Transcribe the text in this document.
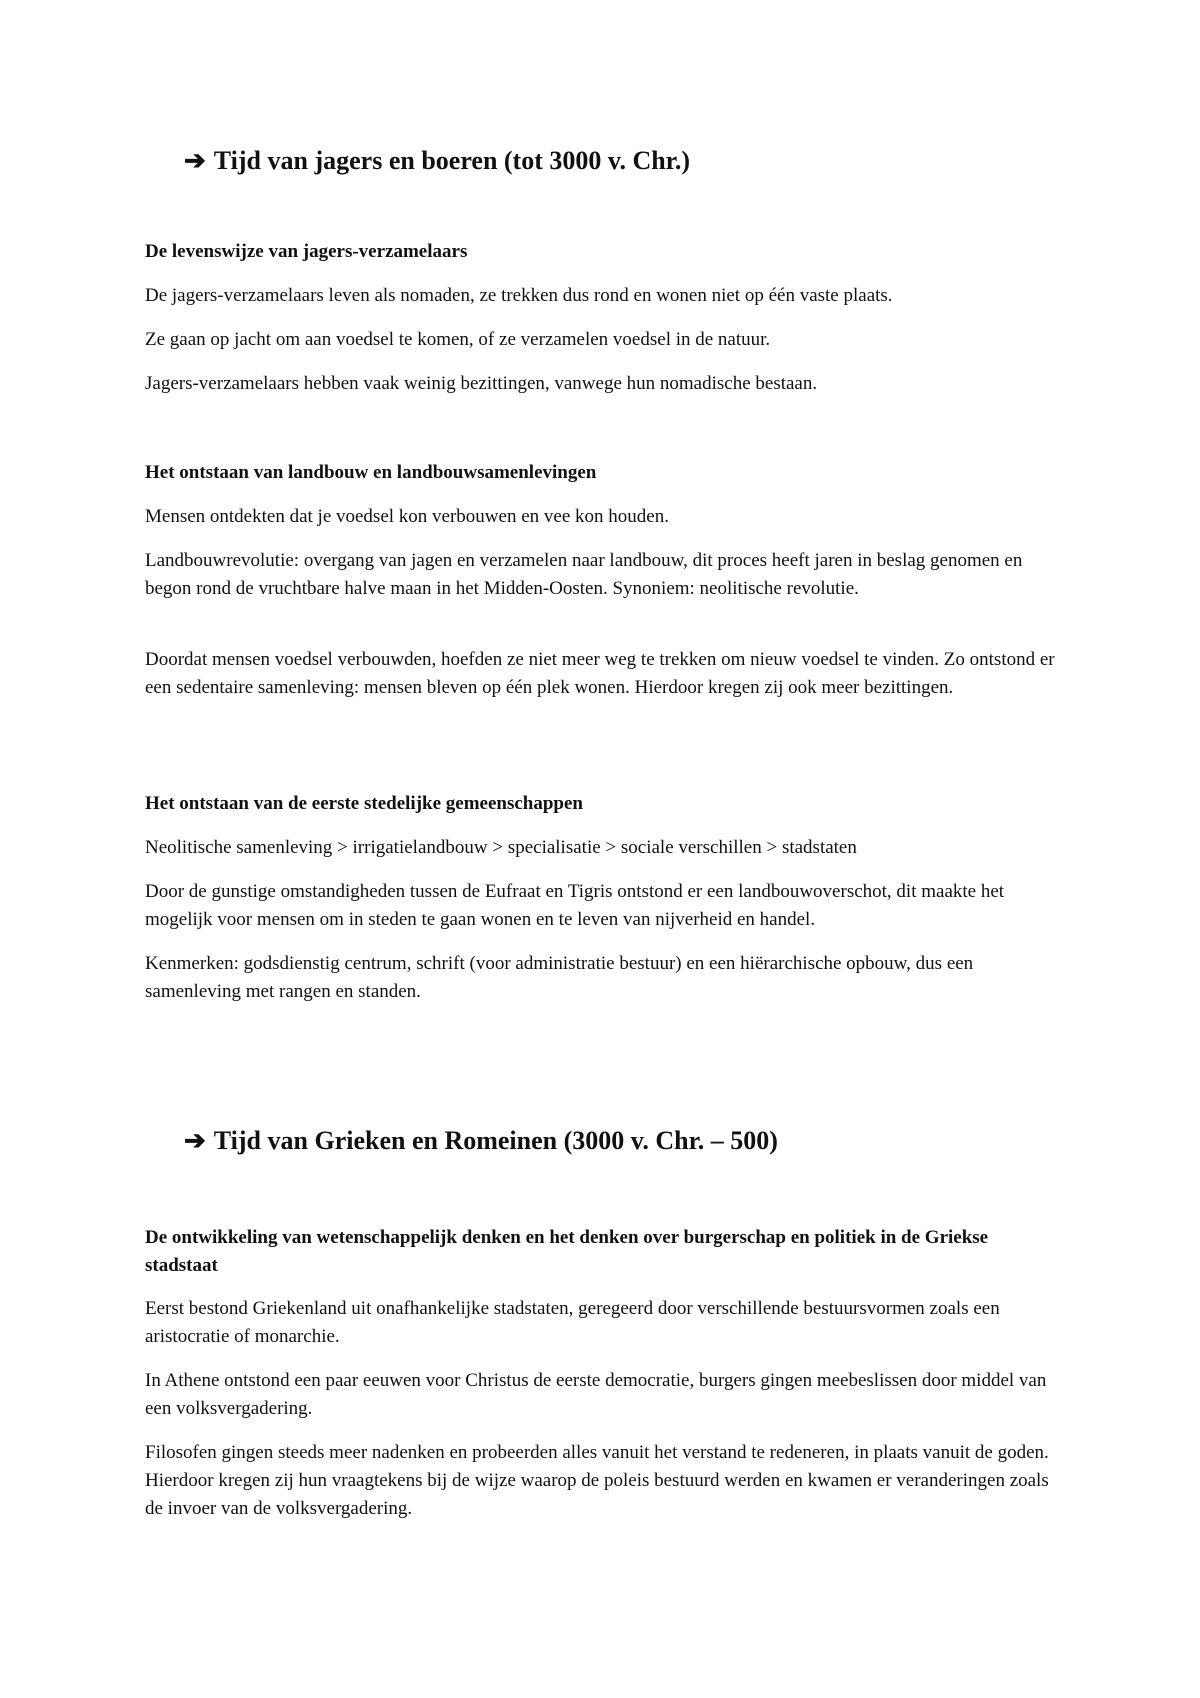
➔ Tijd van jagers en boeren (tot 3000 v. Chr.)
De levenswijze van jagers-verzamelaars
De jagers-verzamelaars leven als nomaden, ze trekken dus rond en wonen niet op één vaste plaats.
Ze gaan op jacht om aan voedsel te komen, of ze verzamelen voedsel in de natuur.
Jagers-verzamelaars hebben vaak weinig bezittingen, vanwege hun nomadische bestaan.
Het ontstaan van landbouw en landbouwsamenlevingen
Mensen ontdekten dat je voedsel kon verbouwen en vee kon houden.
Landbouwrevolutie: overgang van jagen en verzamelen naar landbouw, dit proces heeft jaren in beslag genomen en begon rond de vruchtbare halve maan in het Midden-Oosten. Synoniem: neolitische revolutie.
Doordat mensen voedsel verbouwden, hoefden ze niet meer weg te trekken om nieuw voedsel te vinden. Zo ontstond er een sedentaire samenleving: mensen bleven op één plek wonen. Hierdoor kregen zij ook meer bezittingen.
Het ontstaan van de eerste stedelijke gemeenschappen
Neolitische samenleving > irrigatielandbouw > specialisatie > sociale verschillen > stadstaten
Door de gunstige omstandigheden tussen de Eufraat en Tigris ontstond er een landbouwoverschot, dit maakte het mogelijk voor mensen om in steden te gaan wonen en te leven van nijverheid en handel.
Kenmerken: godsdienstig centrum, schrift (voor administratie bestuur) en een hiërarchische opbouw, dus een samenleving met rangen en standen.
➔ Tijd van Grieken en Romeinen (3000 v. Chr. – 500)
De ontwikkeling van wetenschappelijk denken en het denken over burgerschap en politiek in de Griekse stadstaat
Eerst bestond Griekenland uit onafhankelijke stadstaten, geregeerd door verschillende bestuursvormen zoals een aristocratie of monarchie.
In Athene ontstond een paar eeuwen voor Christus de eerste democratie, burgers gingen meebeslissen door middel van een volksvergadering.
Filosofen gingen steeds meer nadenken en probeerden alles vanuit het verstand te redeneren, in plaats vanuit de goden. Hierdoor kregen zij hun vraagtekens bij de wijze waarop de poleis bestuurd werden en kwamen er veranderingen zoals de invoer van de volksvergadering.
